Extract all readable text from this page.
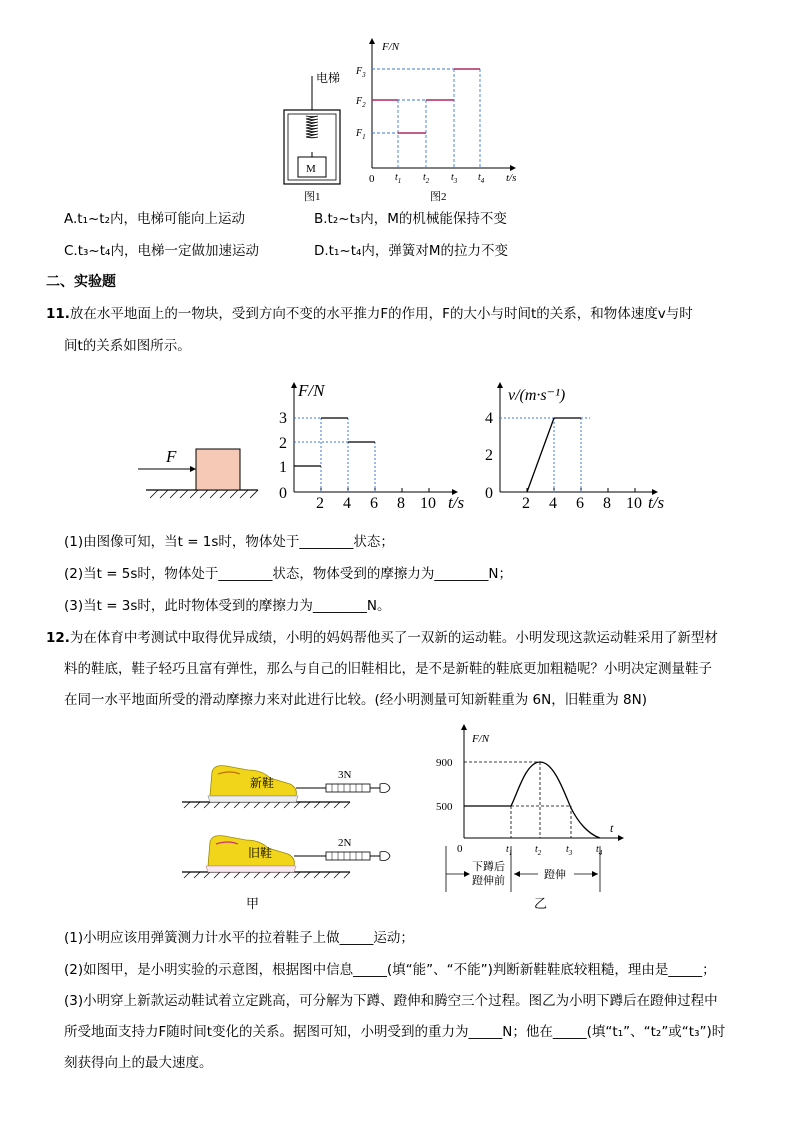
电梯
M
图1
F/N
t/s
0
$F_3$
$F_2$
$F_1$
$t_1$ $t_2$ $t_3$ $t_4$
图2
A.t₁~t₂内，电梯可能向上运动	B.t₂~t₃内，M的机械能保持不变
C.t₃~t₄内，电梯一定做加速运动	D.t₁~t₄内，弹簧对M的拉力不变
二、实验题
11.放在水平地面上的一物块，受到方向不变的水平推力F的作用，F的大小与时间t的关系，和物体速度v与时
间t的关系如图所示。
F
F/N
t/s
3
2
1
0
2 4 6 8 10
v/(m·s⁻¹)
t/s
4
2
0
2 4 6 8 10
(1)由图像可知，当t = 1s时，物体处于________状态；
(2)当t = 5s时，物体处于________状态，物体受到的摩擦力为________N；
(3)当t = 3s时，此时物体受到的摩擦力为________N。
12.为在体育中考测试中取得优异成绩，小明的妈妈帮他买了一双新的运动鞋。小明发现这款运动鞋采用了新型材
料的鞋底，鞋子轻巧且富有弹性，那么与自己的旧鞋相比，是不是新鞋的鞋底更加粗糙呢？小明决定测量鞋子
在同一水平地面所受的滑动摩擦力来对此进行比较。(经小明测量可知新鞋重为 6N，旧鞋重为 8N)
新鞋
3N
旧鞋
2N
甲
F/N
t
900
500
0	$t_1$ $t_2$ $t_3$ $t_4$
下蹲后
蹬伸前	蹬伸
乙
(1)小明应该用弹簧测力计水平的拉着鞋子上做_____运动；
(2)如图甲，是小明实验的示意图，根据图中信息_____(填“能”、“不能”)判断新鞋鞋底较粗糙，理由是_____；
(3)小明穿上新款运动鞋试着立定跳高，可分解为下蹲、蹬伸和腾空三个过程。图乙为小明下蹲后在蹬伸过程中
所受地面支持力F随时间t变化的关系。据图可知，小明受到的重力为_____N；他在_____(填“t₁”、“t₂”或“t₃”)时
刻获得向上的最大速度。
